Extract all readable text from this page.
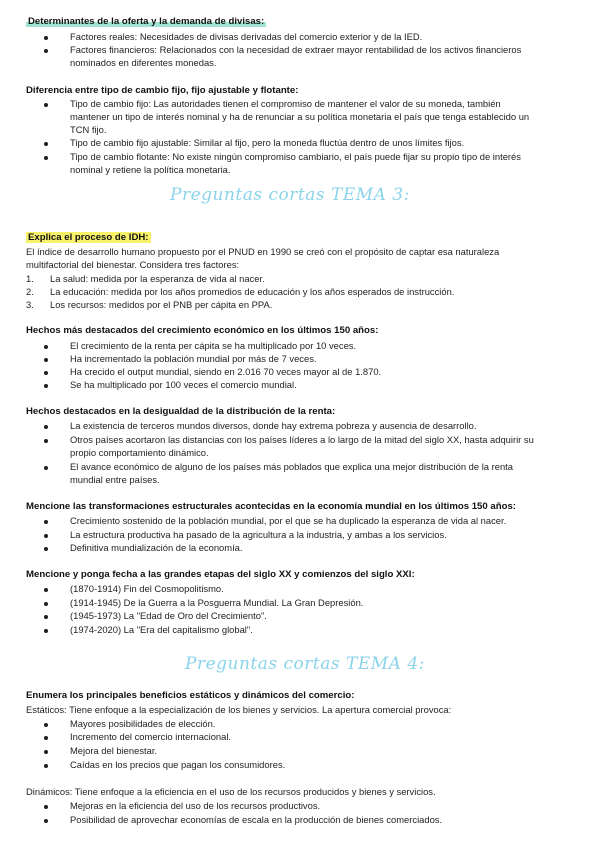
Determinantes de la oferta y la demanda de divisas:
Factores reales: Necesidades de divisas derivadas del comercio exterior y de la IED.
Factores financieros: Relacionados con la necesidad de extraer mayor rentabilidad de los activos financieros
nominados en diferentes monedas.
Diferencia entre tipo de cambio fijo, fijo ajustable y flotante:
Tipo de cambio fijo: Las autoridades tienen el compromiso de mantener el valor de su moneda, también
mantener un tipo de interés nominal y ha de renunciar a su política monetaria el país que tenga establecido un
TCN fijo.
Tipo de cambio fijo ajustable: Similar al fijo, pero la moneda fluctúa dentro de unos límites fijos.
Tipo de cambio flotante: No existe ningún compromiso cambiario, el país puede fijar su propio tipo de interés
nominal y retiene la política monetaria.
Preguntas cortas TEMA 3:
Explica el proceso de IDH:
El índice de desarrollo humano propuesto por el PNUD en 1990 se creó con el propósito de captar esa naturaleza
multifactorial del bienestar. Considera tres factores:
1. La salud: medida por la esperanza de vida al nacer.
2. La educación: medida por los años promedios de educación y los años esperados de instrucción.
3. Los recursos: medidos por el PNB per cápita en PPA.
Hechos más destacados del crecimiento económico en los últimos 150 años:
El crecimiento de la renta per cápita se ha multiplicado por 10 veces.
Ha incrementado la población mundial por más de 7 veces.
Ha crecido el output mundial, siendo en 2.016 70 veces mayor al de 1.870.
Se ha multiplicado por 100 veces el comercio mundial.
Hechos destacados en la desigualdad de la distribución de la renta:
La existencia de terceros mundos diversos, donde hay extrema pobreza y ausencia de desarrollo.
Otros países acortaron las distancias con los países líderes a lo largo de la mitad del siglo XX, hasta adquirir su
propio comportamiento dinámico.
El avance económico de alguno de los países más poblados que explica una mejor distribución de la renta
mundial entre países.
Mencione las transformaciones estructurales acontecidas en la economía mundial en los últimos 150 años:
Crecimiento sostenido de la población mundial, por el que se ha duplicado la esperanza de vida al nacer.
La estructura productiva ha pasado de la agricultura a la industria, y ambas a los servicios.
Definitiva mundialización de la economía.
Mencione y ponga fecha a las grandes etapas del siglo XX y comienzos del siglo XXI:
(1870-1914) Fin del Cosmopolitismo.
(1914-1945) De la Guerra a la Posguerra Mundial. La Gran Depresión.
(1945-1973) La "Edad de Oro del Crecimiento".
(1974-2020) La "Era del capitalismo global".
Preguntas cortas TEMA 4:
Enumera los principales beneficios estáticos y dinámicos del comercio:
Estáticos: Tiene enfoque a la especialización de los bienes y servicios. La apertura comercial provoca:
Mayores posibilidades de elección.
Incremento del comercio internacional.
Mejora del bienestar.
Caídas en los precios que pagan los consumidores.
Dinámicos: Tiene enfoque a la eficiencia en el uso de los recursos producidos y bienes y servicios.
Mejoras en la eficiencia del uso de los recursos productivos.
Posibilidad de aprovechar economías de escala en la producción de bienes comerciados.
